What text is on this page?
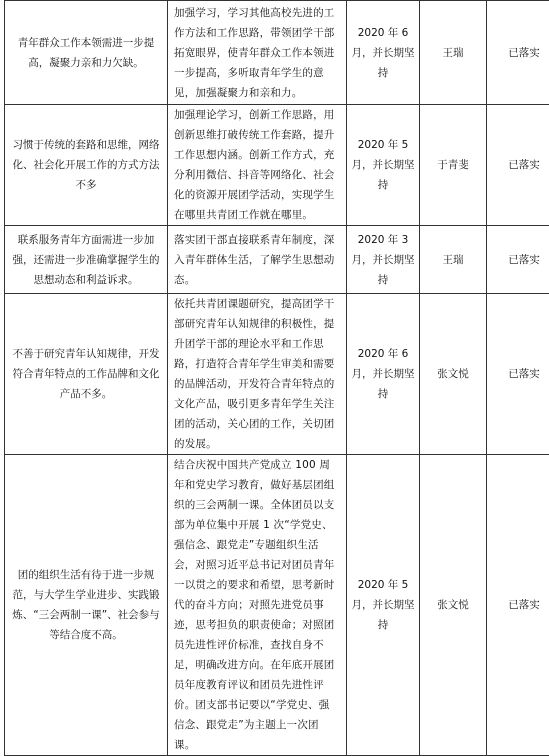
青年群众工作本领需进一步提高，凝聚力亲和力欠缺。	加强学习，学习其他高校先进的工作方法和工作思路，带领团学干部拓宽眼界，使青年群众工作本领进一步提高，多听取青年学生的意见，加强凝聚力和亲和力。	2020 年 6 月，并长期坚持	王瑞	已落实	

习惯于传统的套路和思维，网络化、社会化开展工作的方式方法不多	加强理论学习，创新工作思路，用创新思维打破传统工作套路，提升工作思想内涵。创新工作方式，充分利用微信、抖音等网络化、社会化的资源开展团学活动，实现学生在哪里共青团工作就在哪里。	2020 年 5 月，并长期坚持	于青斐	已落实	

联系服务青年方面需进一步加强，还需进一步准确掌握学生的思想动态和利益诉求。	落实团干部直接联系青年制度，深入青年群体生活，了解学生思想动态。	2020 年 3 月，并长期坚持	王瑞	已落实	

不善于研究青年认知规律，开发符合青年特点的工作品牌和文化产品不多。	依托共青团课题研究，提高团学干部研究青年认知规律的积极性，提升团学干部的理论水平和工作思路，打造符合青年学生审美和需要的品牌活动，开发符合青年特点的文化产品，吸引更多青年学生关注团的活动，关心团的工作，关切团的发展。	2020 年 6 月，并长期坚持	张文悦	已落实	

团的组织生活有待于进一步规范，与大学生学业进步、实践锻炼、“三会两制一课”、社会参与等结合度不高。	结合庆祝中国共产党成立 100 周年和党史学习教育，做好基层团组织的三会两制一课。全体团员以支部为单位集中开展 1 次“学党史、强信念、跟党走”专题组织生活会，对照习近平总书记对团员青年一以贯之的要求和希望，思考新时代的奋斗方向；对照先进党员事迹，思考担负的职责使命；对照团员先进性评价标准，查找自身不足，明确改进方向。在年底开展团员年度教育评议和团员先进性评价。团支部书记要以“学党史、强信念、跟党走”为主题上一次团课。	2020 年 5 月，并长期坚持	张文悦	已落实	
